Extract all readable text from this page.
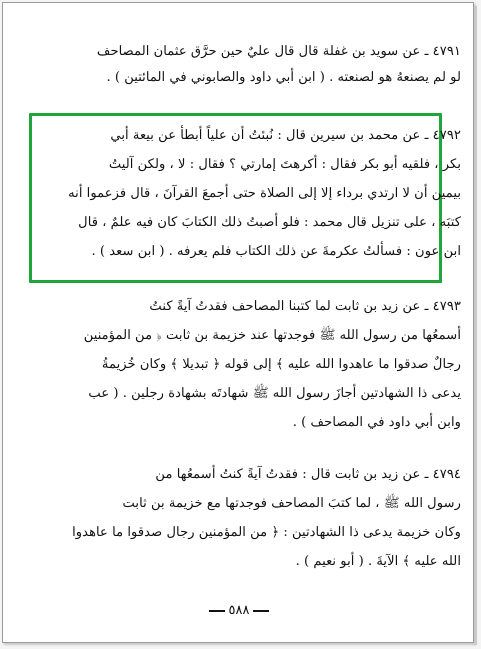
٤٧٩١ ـ عن سويد بن غفلة قال قال عليٌ حين حرَّق عثمان المصاحف
لو لم يصنعهُ هو لصنعته . ( ابن أبي داود والصابوني في المائتين ) .
٤٧٩٢ ـ عن محمد بن سيرين قال : نُبئتُ أن علياً أبطأ عن بيعة أبي
بكر ، فلقيه أبو بكر فقال : أكرهتَ إمارتي ؟ فقال : لا ، ولكن آليتُ
بيمين أن لا ارتدي برداء إلا إلى الصلاة حتى أجمعَ القرآنَ ، قال فزعموا أنه
كتبَه ، على تنزيل قال محمد : فلو أصبتُ ذلك الكتابَ كان فيه علمٌ ، قال
ابن عون : فسألتُ عكرمةَ عن ذلك الكتاب فلم يعرفه . ( ابن سعد ) .
٤٧٩٣ ـ عن زيد بن ثابت لما كتبنا المصاحف فقدتُ آيةً كنتُ
أسمعُها من رسول الله ﷺ فوجدتها عند خزيمة بن ثابت ﴿ من المؤمنين
رجالٌ صدقوا ما عاهدوا الله عليه ﴾ إلى قوله ﴿ تبديلا ﴾ وكان خُزيمةُ
يدعى ذا الشهادتين أجازَ رسول الله ﷺ شهادتَه بشهادة رجلين . ( عب
وابن أبي داود في المصاحف ) .
٤٧٩٤ ـ عن زيد بن ثابت قال : فقدتُ آيةً كنتُ أسمعُها من
رسول الله ﷺ ، لما كتبَ المصاحف فوجدتها مع خزيمة بن ثابت
وكان خزيمة يدعى ذا الشهادتين : ﴿ من المؤمنين رجال صدقوا ما عاهدوا
الله عليه ﴾ الآيةَ . ( أبو نعيم ) .
٥٨٨
